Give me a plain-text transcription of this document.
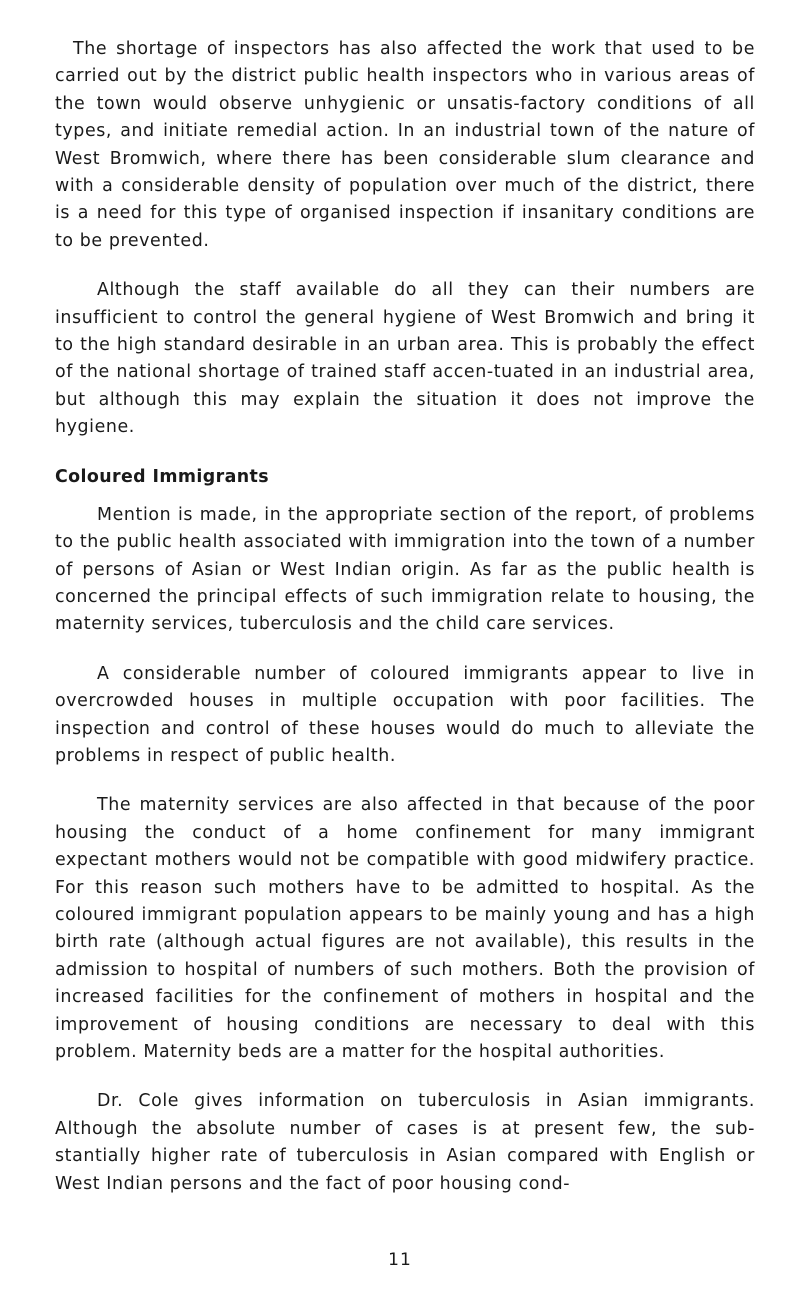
The shortage of inspectors has also affected the work that used to be carried out by the district public health inspectors who in various areas of the town would observe unhygienic or unsatis-factory conditions of all types, and initiate remedial action. In an industrial town of the nature of West Bromwich, where there has been considerable slum clearance and with a considerable density of population over much of the district, there is a need for this type of organised inspection if insanitary conditions are to be prevented.

Although the staff available do all they can their numbers are insufficient to control the general hygiene of West Bromwich and bring it to the high standard desirable in an urban area. This is probably the effect of the national shortage of trained staff accen-tuated in an industrial area, but although this may explain the situation it does not improve the hygiene.

Coloured Immigrants

Mention is made, in the appropriate section of the report, of problems to the public health associated with immigration into the town of a number of persons of Asian or West Indian origin. As far as the public health is concerned the principal effects of such immigration relate to housing, the maternity services, tuberculosis and the child care services.

A considerable number of coloured immigrants appear to live in overcrowded houses in multiple occupation with poor facilities. The inspection and control of these houses would do much to alleviate the problems in respect of public health.

The maternity services are also affected in that because of the poor housing the conduct of a home confinement for many immigrant expectant mothers would not be compatible with good midwifery practice. For this reason such mothers have to be admitted to hospital. As the coloured immigrant population appears to be mainly young and has a high birth rate (although actual figures are not available), this results in the admission to hospital of numbers of such mothers. Both the provision of increased facilities for the confinement of mothers in hospital and the improvement of housing conditions are necessary to deal with this problem. Maternity beds are a matter for the hospital authorities.

Dr. Cole gives information on tuberculosis in Asian immigrants. Although the absolute number of cases is at present few, the sub-stantially higher rate of tuberculosis in Asian compared with English or West Indian persons and the fact of poor housing cond-

11
